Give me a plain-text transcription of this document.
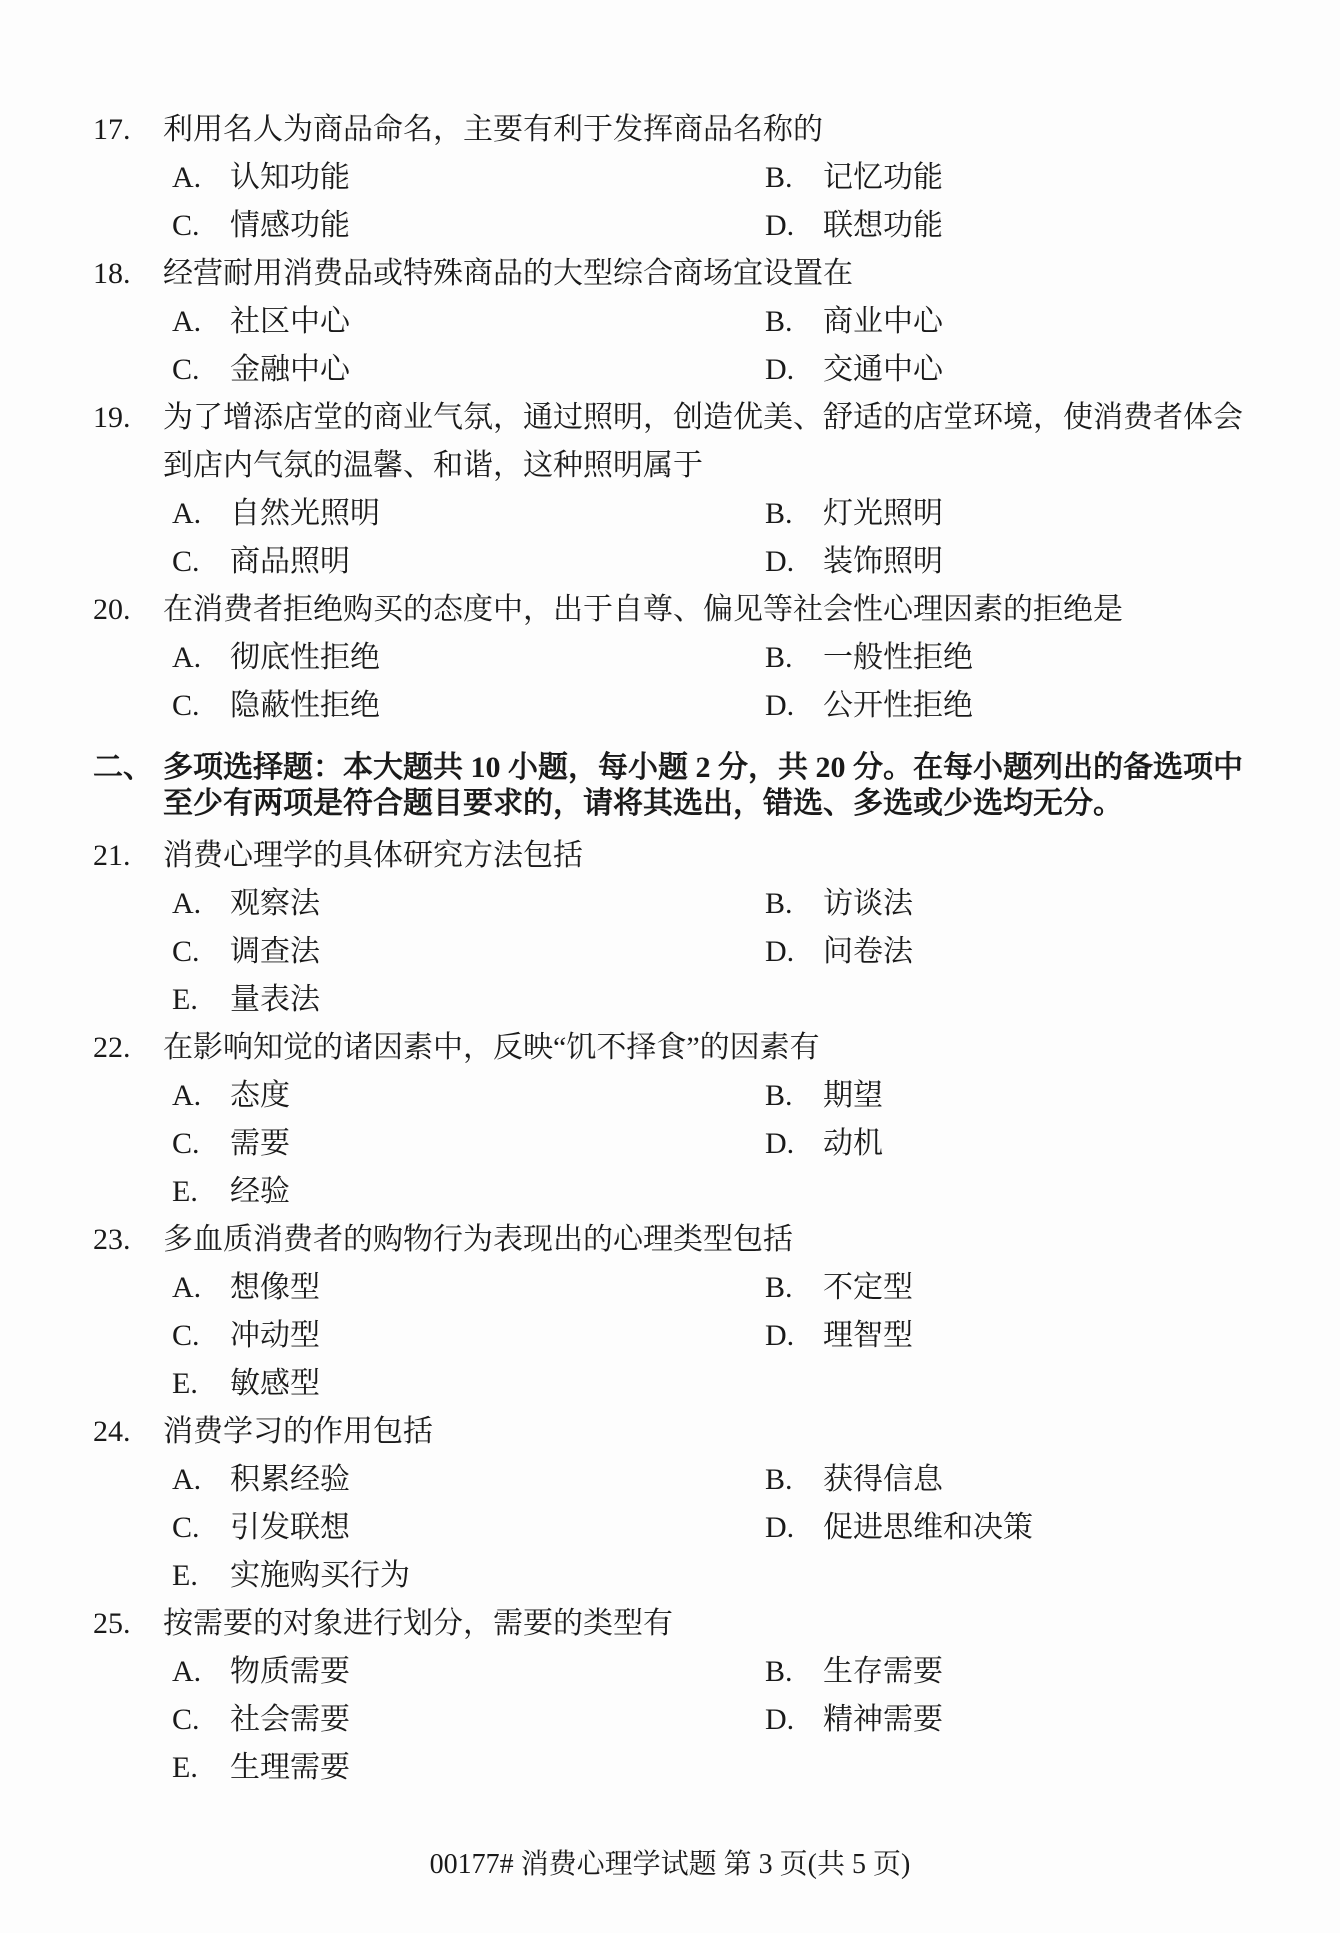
17. 利用名人为商品命名，主要有利于发挥商品名称的
A. 认知功能	B. 记忆功能
C. 情感功能	D. 联想功能
18. 经营耐用消费品或特殊商品的大型综合商场宜设置在
A. 社区中心	B. 商业中心
C. 金融中心	D. 交通中心
19. 为了增添店堂的商业气氛，通过照明，创造优美、舒适的店堂环境，使消费者体会
到店内气氛的温馨、和谐，这种照明属于
A. 自然光照明	B. 灯光照明
C. 商品照明	D. 装饰照明
20. 在消费者拒绝购买的态度中，出于自尊、偏见等社会性心理因素的拒绝是
A. 彻底性拒绝	B. 一般性拒绝
C. 隐蔽性拒绝	D. 公开性拒绝
二、 多项选择题：本大题共 10 小题，每小题 2 分，共 20 分。在每小题列出的备选项中
至少有两项是符合题目要求的，请将其选出，错选、多选或少选均无分。
21. 消费心理学的具体研究方法包括
A. 观察法	B. 访谈法
C. 调查法	D. 问卷法
E. 量表法
22. 在影响知觉的诸因素中，反映“饥不择食”的因素有
A. 态度	B. 期望
C. 需要	D. 动机
E. 经验
23. 多血质消费者的购物行为表现出的心理类型包括
A. 想像型	B. 不定型
C. 冲动型	D. 理智型
E. 敏感型
24. 消费学习的作用包括
A. 积累经验	B. 获得信息
C. 引发联想	D. 促进思维和决策
E. 实施购买行为
25. 按需要的对象进行划分，需要的类型有
A. 物质需要	B. 生存需要
C. 社会需要	D. 精神需要
E. 生理需要
00177# 消费心理学试题 第 3 页(共 5 页)
